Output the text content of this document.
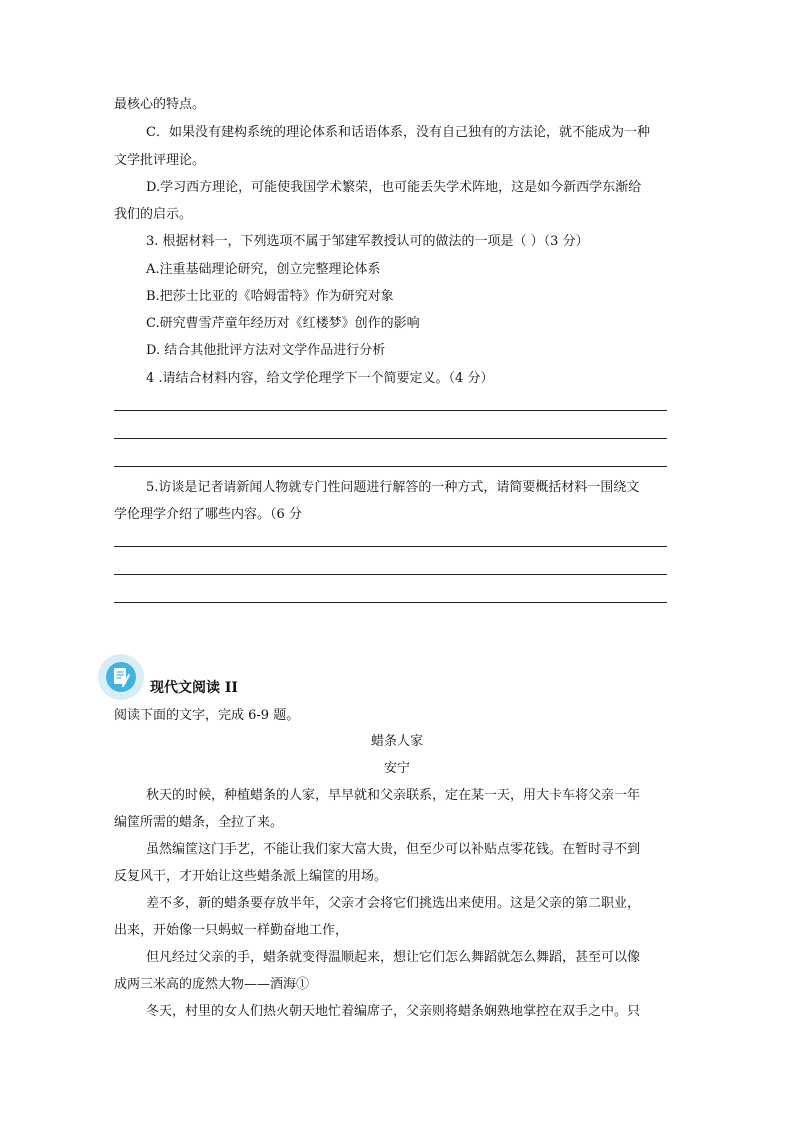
最核心的特点。
C．如果没有建构系统的理论体系和话语体系，没有自己独有的方法论，就不能成为一种
文学批评理论。
D.学习西方理论，可能使我国学术繁荣，也可能丢失学术阵地，这是如今新西学东渐给
我们的启示。
3. 根据材料一，下列选项不属于邹建军教授认可的做法的一项是（ ）（3 分）
A.注重基础理论研究，创立完整理论体系
B.把莎士比亚的《哈姆雷特》作为研究对象
C.研究曹雪芹童年经历对《红楼梦》创作的影响
D. 结合其他批评方法对文学作品进行分析
4 .请结合材料内容，给文学伦理学下一个简要定义。（4 分）
5.访谈是记者请新闻人物就专门性问题进行解答的一种方式，请简要概括材料一围绕文
学伦理学介绍了哪些内容。（6 分
现代文阅读 II
阅读下面的文字，完成 6-9 题。
蜡条人家
安宁
秋天的时候，种植蜡条的人家，早早就和父亲联系，定在某一天，用大卡车将父亲一年
编筐所需的蜡条，全拉了来。
虽然编筐这门手艺，不能让我们家大富大贵，但至少可以补贴点零花钱。在暂时寻不到
反复风干，才开始让这些蜡条派上编筐的用场。
差不多，新的蜡条要存放半年，父亲才会将它们挑选出来使用。这是父亲的第二职业，
出来，开始像一只蚂蚁一样勤奋地工作，
但凡经过父亲的手，蜡条就变得温顺起来，想让它们怎么舞蹈就怎么舞蹈，甚至可以像
成两三米高的庞然大物——酒海①
冬天，村里的女人们热火朝天地忙着编席子，父亲则将蜡条娴熟地掌控在双手之中。只
